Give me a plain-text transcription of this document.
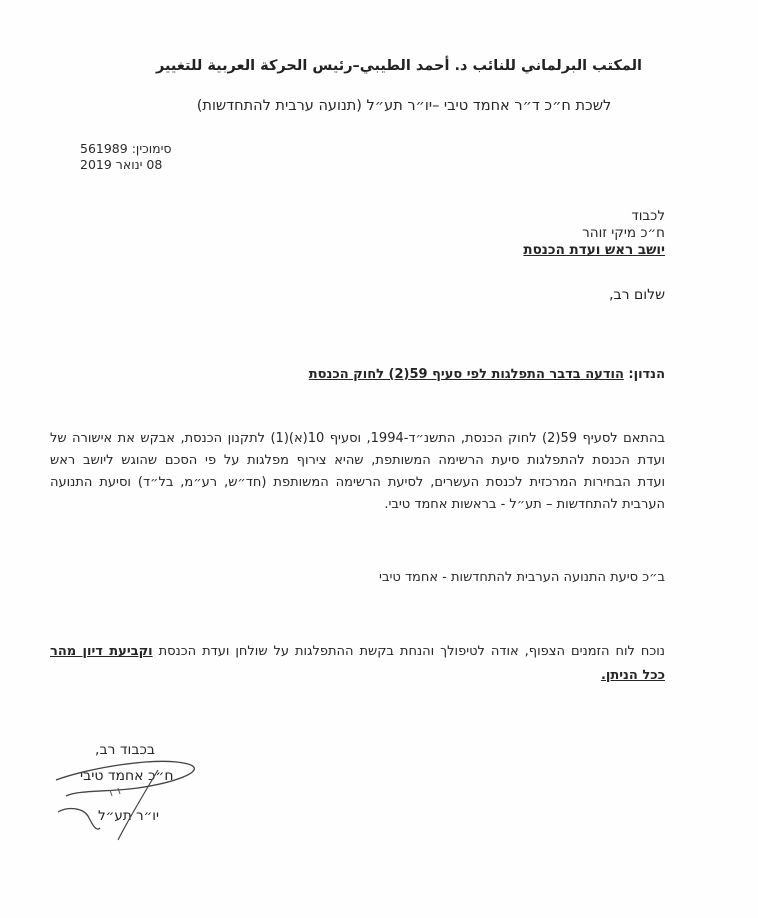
المكتب البرلماني للنائب د. أحمد الطيبي–رئيس الحركة العربية للتغيير
לשכת ח״כ ד״ר אחמד טיבי –יו״ר תע״ל (תנועה ערבית להתחדשות)
סימוכין: 561989
08 ינואר 2019
לכבוד
ח״כ מיקי זוהר
יושב ראש ועדת הכנסת
שלום רב,
הנדון: הודעה בדבר התפלגות לפי סעיף 59(2) לחוק הכנסת
בהתאם לסעיף 59(2) לחוק הכנסת, התשנ״ד-1994, וסעיף 10(א)(1) לתקנון הכנסת, אבקש את אישורה של
ועדת הכנסת להתפלגות סיעת הרשימה המשותפת, שהיא צירוף מפלגות על פי הסכם שהוגש ליושב ראש
ועדת הבחירות המרכזית לכנסת העשרים, לסיעת הרשימה המשותפת (חד״ש, רע״מ, בל״ד) וסיעת התנועה
הערבית להתחדשות – תע״ל - בראשות אחמד טיבי.
ב״כ סיעת התנועה הערבית להתחדשות - אחמד טיבי
נוכח לוח הזמנים הצפוף, אודה לטיפולך והנחת בקשת ההתפלגות על שולחן ועדת הכנסת וקביעת דיון מהר
ככל הניתן.
בכבוד רב,
ח״כ אחמד טיבי
יו״ר תע״ל
